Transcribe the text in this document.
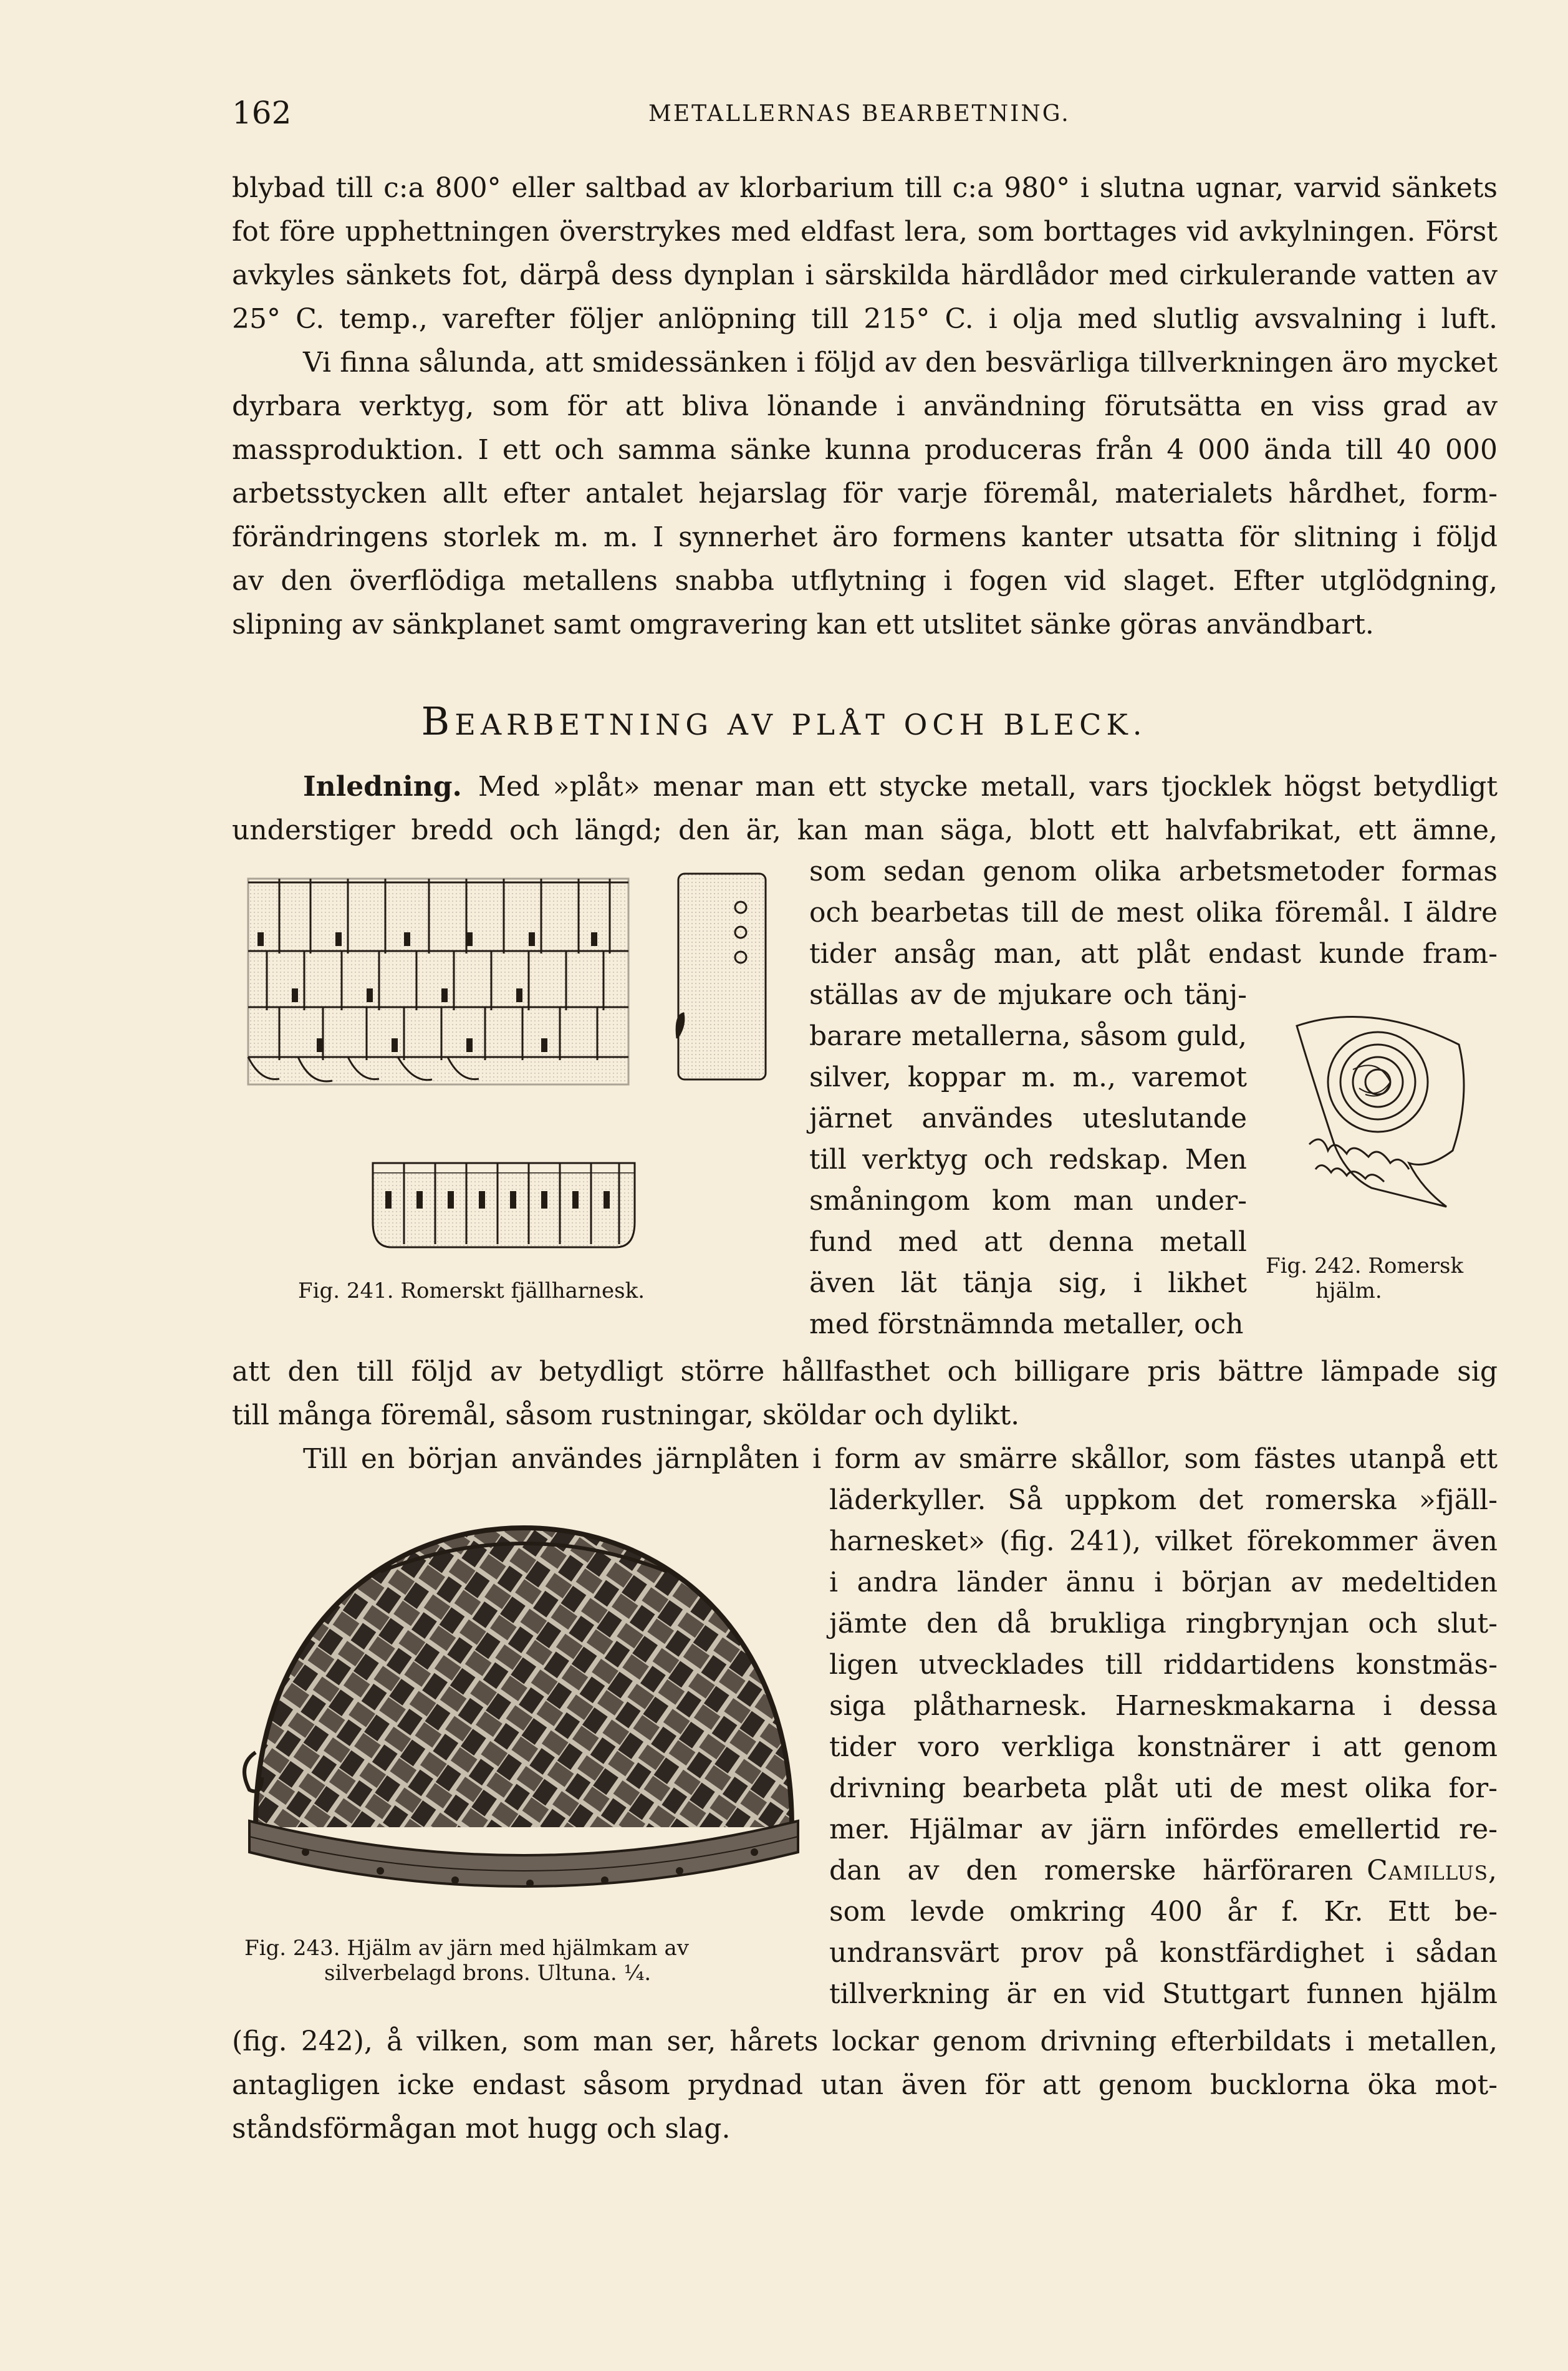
162	METALLERNAS BEARBETNING.
blybad till c:a 800° eller saltbad av klorbarium till c:a 980° i slutna ugnar, varvid sänkets
fot före upphettningen överstrykes med eldfast lera, som borttages vid avkylningen. Först
avkyles sänkets fot, därpå dess dynplan i särskilda härdlådor med cirkulerande vatten av
25° C. temp., varefter följer anlöpning till 215° C. i olja med slutlig avsvalning i luft.
Vi finna sålunda, att smidessänken i följd av den besvärliga tillverkningen äro mycket
dyrbara verktyg, som för att bliva lönande i användning förutsätta en viss grad av
massproduktion. I ett och samma sänke kunna produceras från 4 000 ända till 40 000
arbetsstycken allt efter antalet hejarslag för varje föremål, materialets hårdhet, form-
förändringens storlek m. m. I synnerhet äro formens kanter utsatta för slitning i följd
av den överflödiga metallens snabba utflytning i fogen vid slaget. Efter utglödgning,
slipning av sänkplanet samt omgravering kan ett utslitet sänke göras användbart.
BEARBETNING AV PLÅT OCH BLECK.
Inledning. Med »plåt» menar man ett stycke metall, vars tjocklek högst betydligt
understiger bredd och längd; den är, kan man säga, blott ett halvfabrikat, ett ämne,
som sedan genom olika arbetsmetoder formas
och bearbetas till de mest olika föremål. I äldre
tider ansåg man, att plåt endast kunde fram-
ställas av de mjukare och tänj-
barare metallerna, såsom guld,
silver, koppar m. m., varemot
järnet användes uteslutande
till verktyg och redskap. Men
småningom kom man under-
fund med att denna metall
även lät tänja sig, i likhet
med förstnämnda metaller, och
att den till följd av betydligt större hållfasthet och billigare pris bättre lämpade sig
till många föremål, såsom rustningar, sköldar och dylikt.
Till en början användes järnplåten i form av smärre skållor, som fästes utanpå ett
läderkyller. Så uppkom det romerska »fjäll-
harnesket» (fig. 241), vilket förekommer även
i andra länder ännu i början av medeltiden
jämte den då brukliga ringbrynjan och slut-
ligen utvecklades till riddartidens konstmäs-
siga plåtharnesk. Harneskmakarna i dessa
tider voro verkliga konstnärer i att genom
drivning bearbeta plåt uti de mest olika for-
mer. Hjälmar av järn infördes emellertid re-
dan av den romerske härföraren Camillus,
som levde omkring 400 år f. Kr. Ett be-
undransvärt prov på konstfärdighet i sådan
tillverkning är en vid Stuttgart funnen hjälm
(fig. 242), å vilken, som man ser, hårets lockar genom drivning efterbildats i metallen,
antagligen icke endast såsom prydnad utan även för att genom bucklorna öka mot-
ståndsförmågan mot hugg och slag.
Fig. 241. Romerskt fjällharnesk.
Fig. 242. Romersk
hjälm.
Fig. 243. Hjälm av järn med hjälmkam av
silverbelagd brons. Ultuna. ¼.
